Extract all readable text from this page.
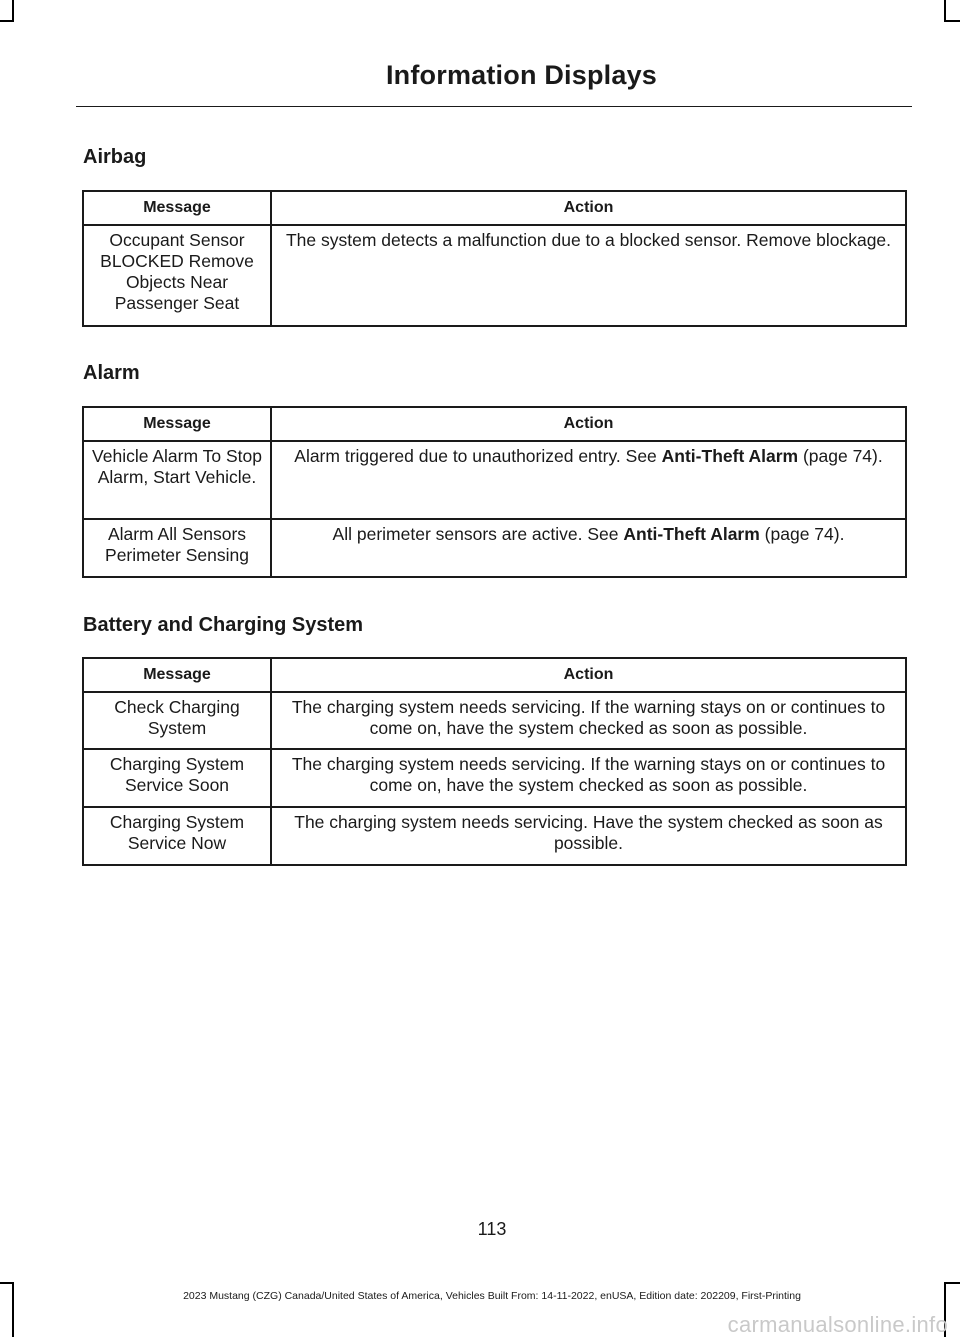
Information Displays
Airbag
Message	Action
Occupant Sensor BLOCKED Remove Objects Near Passenger Seat	The system detects a malfunction due to a blocked sensor. Remove blockage.
Alarm
Message	Action
Vehicle Alarm To Stop Alarm, Start Vehicle.	Alarm triggered due to unauthorized entry. See Anti-Theft Alarm (page 74).
Alarm All Sensors Perimeter Sensing	All perimeter sensors are active. See Anti-Theft Alarm (page 74).
Battery and Charging System
Message	Action
Check Charging System	The charging system needs servicing. If the warning stays on or continues to come on, have the system checked as soon as possible.
Charging System Service Soon	The charging system needs servicing. If the warning stays on or continues to come on, have the system checked as soon as possible.
Charging System Service Now	The charging system needs servicing. Have the system checked as soon as possible.
113
2023 Mustang (CZG) Canada/United States of America, Vehicles Built From: 14-11-2022, enUSA, Edition date: 202209, First-Printing
carmanualsonline.info
